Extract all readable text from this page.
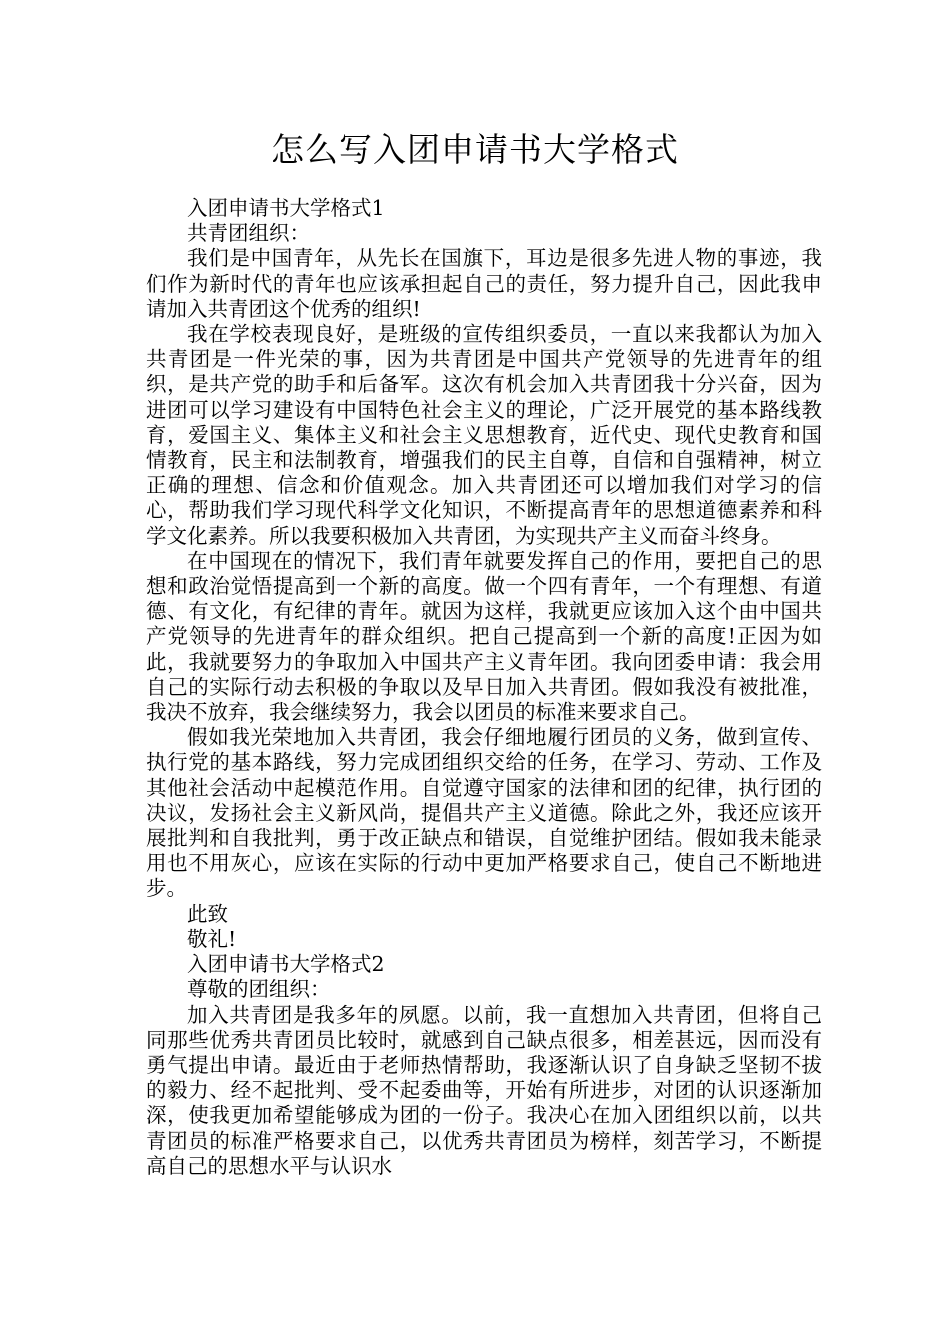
怎么写入团申请书大学格式

入团申请书大学格式1

共青团组织：

我们是中国青年，从先长在国旗下，耳边是很多先进人物的事迹，我们作为新时代的青年也应该承担起自己的责任，努力提升自己，因此我申请加入共青团这个优秀的组织!

我在学校表现良好，是班级的宣传组织委员，一直以来我都认为加入共青团是一件光荣的事，因为共青团是中国共产党领导的先进青年的组织，是共产党的助手和后备军。这次有机会加入共青团我十分兴奋，因为进团可以学习建设有中国特色社会主义的理论，广泛开展党的基本路线教育，爱国主义、集体主义和社会主义思想教育，近代史、现代史教育和国情教育，民主和法制教育，增强我们的民主自尊，自信和自强精神，树立正确的理想、信念和价值观念。加入共青团还可以增加我们对学习的信心，帮助我们学习现代科学文化知识，不断提高青年的思想道德素养和科学文化素养。所以我要积极加入共青团，为实现共产主义而奋斗终身。

在中国现在的情况下，我们青年就要发挥自己的作用，要把自己的思想和政治觉悟提高到一个新的高度。做一个四有青年，一个有理想、有道德、有文化，有纪律的青年。就因为这样，我就更应该加入这个由中国共产党领导的先进青年的群众组织。把自己提高到一个新的高度!正因为如此，我就要努力的争取加入中国共产主义青年团。我向团委申请：我会用自己的实际行动去积极的争取以及早日加入共青团。假如我没有被批准，我决不放弃，我会继续努力，我会以团员的标准来要求自己。

假如我光荣地加入共青团，我会仔细地履行团员的义务，做到宣传、执行党的基本路线，努力完成团组织交给的任务，在学习、劳动、工作及其他社会活动中起模范作用。自觉遵守国家的法律和团的纪律，执行团的决议，发扬社会主义新风尚，提倡共产主义道德。除此之外，我还应该开展批判和自我批判，勇于改正缺点和错误，自觉维护团结。假如我未能录用也不用灰心，应该在实际的行动中更加严格要求自己，使自己不断地进步。

此致

敬礼!

入团申请书大学格式2

尊敬的团组织：

加入共青团是我多年的夙愿。以前，我一直想加入共青团，但将自己同那些优秀共青团员比较时，就感到自己缺点很多，相差甚远，因而没有勇气提出申请。最近由于老师热情帮助，我逐渐认识了自身缺乏坚韧不拔的毅力、经不起批判、受不起委曲等，开始有所进步，对团的认识逐渐加深，使我更加希望能够成为团的一份子。我决心在加入团组织以前，以共青团员的标准严格要求自己，以优秀共青团员为榜样，刻苦学习，不断提高自己的思想水平与认识水
